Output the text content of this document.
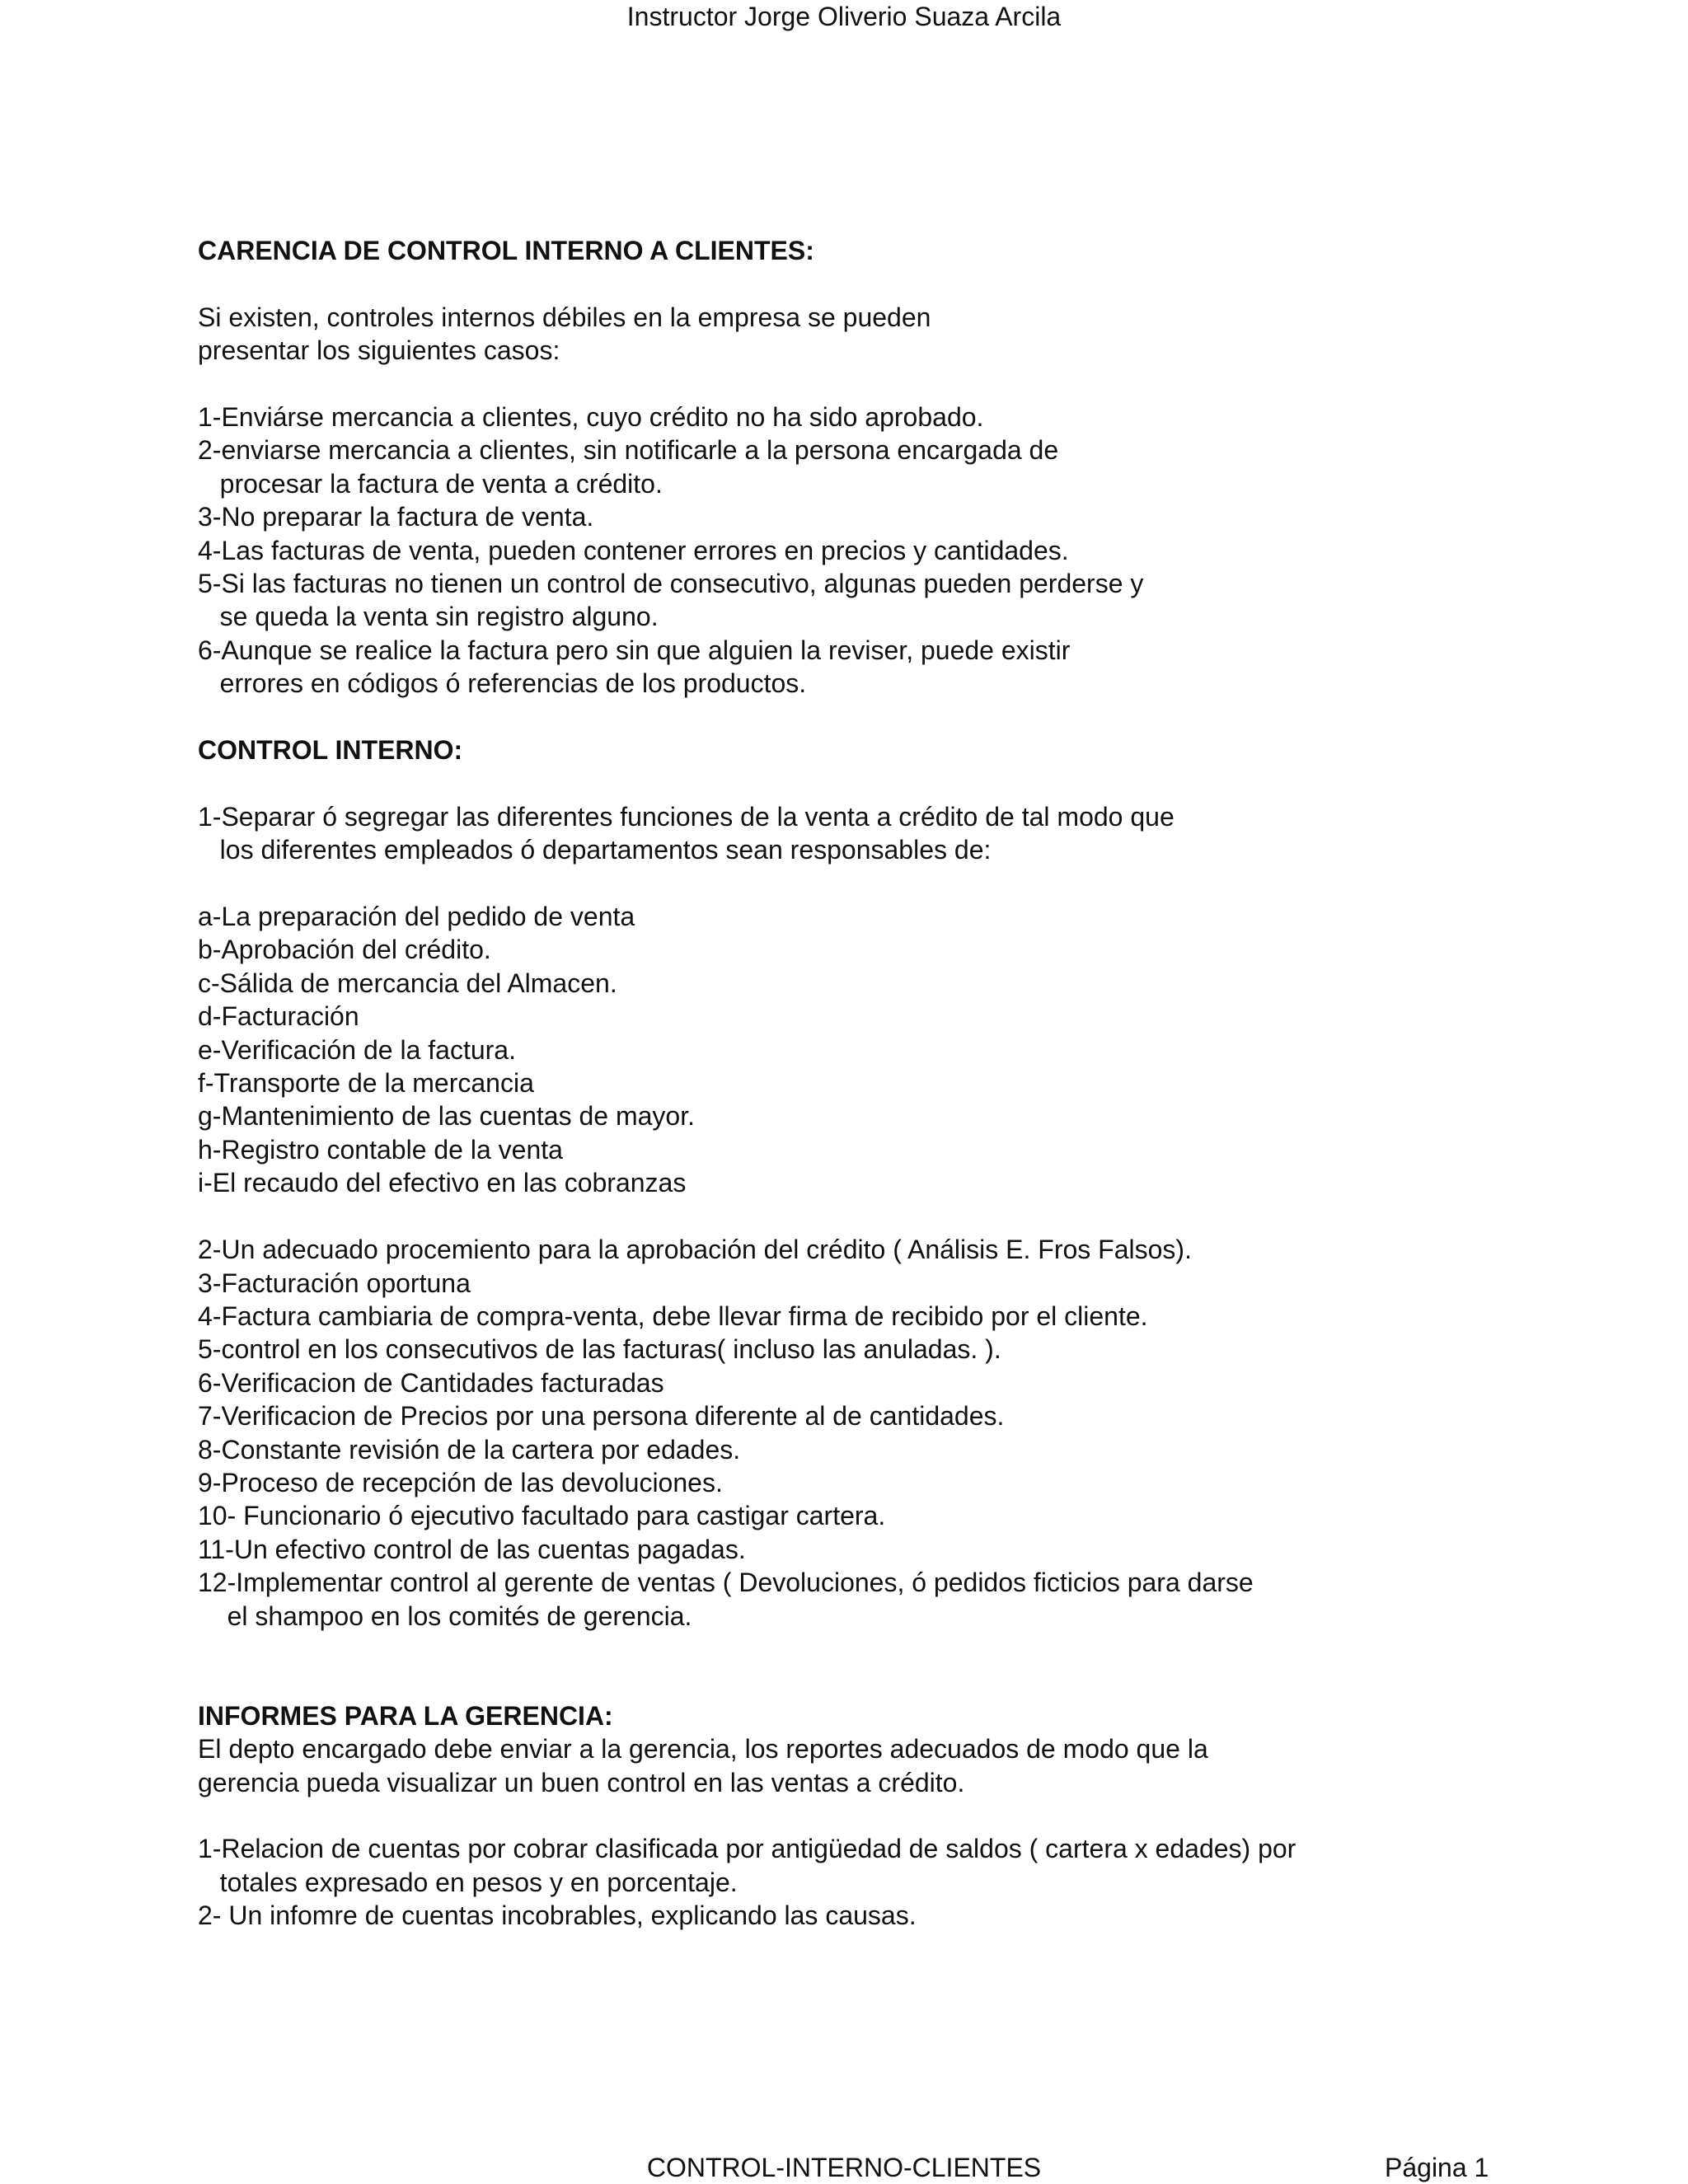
Instructor Jorge Oliverio Suaza Arcila
CARENCIA DE CONTROL INTERNO A CLIENTES:
Si existen, controles internos débiles en la empresa se pueden
presentar los siguientes casos:
1-Enviárse mercancia a clientes, cuyo crédito no ha sido aprobado.
2-enviarse mercancia a clientes, sin notificarle a la persona encargada de
procesar la factura de venta a crédito.
3-No preparar la factura de venta.
4-Las facturas de venta, pueden contener errores en precios y cantidades.
5-Si las facturas no tienen un control de consecutivo, algunas pueden perderse y
se queda la venta sin registro alguno.
6-Aunque se realice la factura pero sin que alguien la reviser, puede existir
errores en códigos ó referencias de los productos.
CONTROL INTERNO:
1-Separar ó segregar las diferentes funciones de la venta a crédito de tal modo que
los diferentes empleados ó departamentos sean responsables de:
a-La preparación del pedido de venta
b-Aprobación del crédito.
c-Sálida de mercancia del Almacen.
d-Facturación
e-Verificación de la factura.
f-Transporte de la mercancia
g-Mantenimiento de las cuentas de mayor.
h-Registro contable de la venta
i-El recaudo del efectivo en las cobranzas
2-Un adecuado procemiento para la aprobación del crédito ( Análisis E. Fros Falsos).
3-Facturación oportuna
4-Factura cambiaria de compra-venta, debe llevar firma de recibido por el cliente.
5-control en los consecutivos de las facturas( incluso las anuladas. ).
6-Verificacion de Cantidades facturadas
7-Verificacion de Precios por una persona diferente al de cantidades.
8-Constante revisión de la cartera por edades.
9-Proceso de recepción de las devoluciones.
10- Funcionario ó ejecutivo facultado para castigar cartera.
11-Un efectivo control de las cuentas pagadas.
12-Implementar control al gerente de ventas ( Devoluciones, ó pedidos ficticios para darse
el shampoo en los comités de gerencia.
INFORMES PARA LA GERENCIA:
El depto encargado debe enviar a la gerencia, los reportes adecuados de modo que la
gerencia pueda visualizar un buen control en las ventas a crédito.
1-Relacion de cuentas por cobrar clasificada por antigüedad de saldos ( cartera x edades) por
totales expresado en pesos y en porcentaje.
2- Un infomre de cuentas incobrables, explicando las causas.
CONTROL-INTERNO-CLIENTES	Página 1
